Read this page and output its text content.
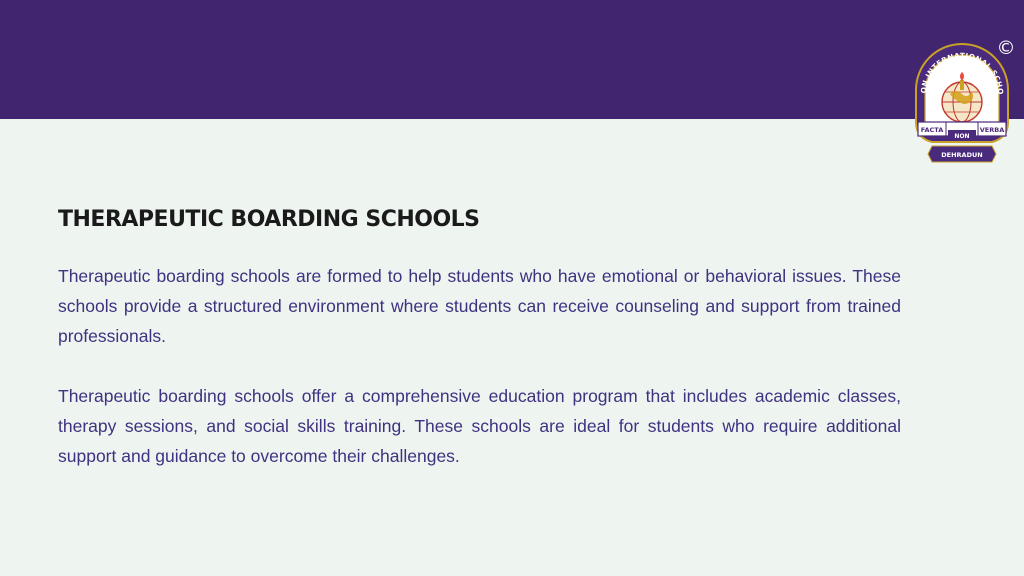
©
ON INTERNATIONAL SCHO
FACTA
NON
VERBA
DEHRADUN
THERAPEUTIC BOARDING SCHOOLS

Therapeutic boarding schools are formed to help students who have emotional or behavioral issues. These schools provide a structured environment where students can receive counseling and support from trained professionals.

Therapeutic boarding schools offer a comprehensive education program that includes academic classes, therapy sessions, and social skills training. These schools are ideal for students who require additional support and guidance to overcome their challenges.
